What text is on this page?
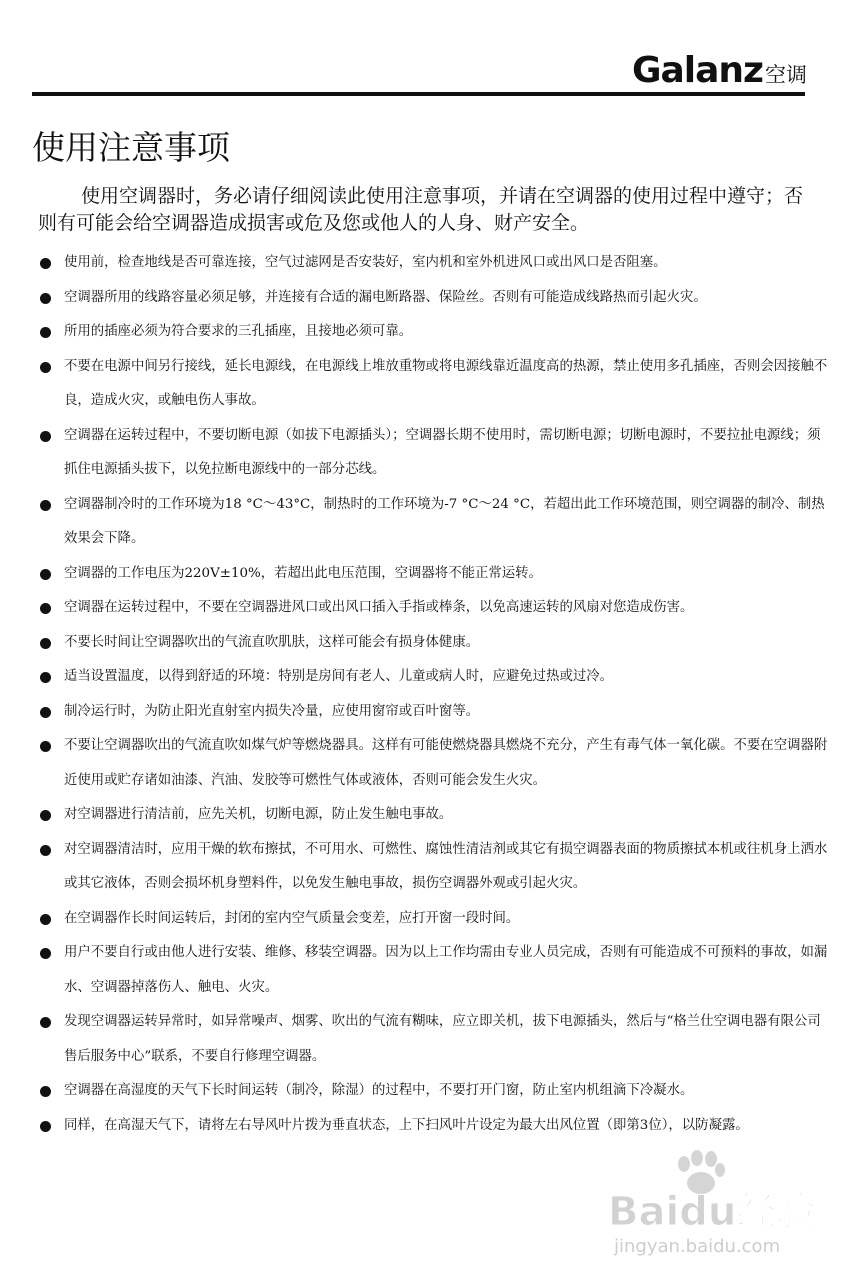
Galanz 空调
使用注意事项

使用空调器时，务必请仔细阅读此使用注意事项，并请在空调器的使用过程中遵守；否则有可能会给空调器造成损害或危及您或他人的人身、财产安全。

使用前，检查地线是否可靠连接，空气过滤网是否安装好，室内机和室外机进风口或出风口是否阻塞。
空调器所用的线路容量必须足够，并连接有合适的漏电断路器、保险丝。否则有可能造成线路热而引起火灾。
所用的插座必须为符合要求的三孔插座，且接地必须可靠。
不要在电源中间另行接线，延长电源线，在电源线上堆放重物或将电源线靠近温度高的热源，禁止使用多孔插座，否则会因接触不良，造成火灾，或触电伤人事故。
空调器在运转过程中，不要切断电源（如拔下电源插头）；空调器长期不使用时，需切断电源；切断电源时，不要拉扯电源线；须抓住电源插头拔下，以免拉断电源线中的一部分芯线。
空调器制冷时的工作环境为18 °C～43°C，制热时的工作环境为-7 °C～24 °C，若超出此工作环境范围，则空调器的制冷、制热效果会下降。
空调器的工作电压为220V±10%，若超出此电压范围，空调器将不能正常运转。
空调器在运转过程中，不要在空调器进风口或出风口插入手指或棒条，以免高速运转的风扇对您造成伤害。
不要长时间让空调器吹出的气流直吹肌肤，这样可能会有损身体健康。
适当设置温度，以得到舒适的环境：特别是房间有老人、儿童或病人时，应避免过热或过冷。
制冷运行时，为防止阳光直射室内损失冷量，应使用窗帘或百叶窗等。
不要让空调器吹出的气流直吹如煤气炉等燃烧器具。这样有可能使燃烧器具燃烧不充分，产生有毒气体一氧化碳。不要在空调器附近使用或贮存诸如油漆、汽油、发胶等可燃性气体或液体，否则可能会发生火灾。
对空调器进行清洁前，应先关机，切断电源，防止发生触电事故。
对空调器清洁时，应用干燥的软布擦拭，不可用水、可燃性、腐蚀性清洁剂或其它有损空调器表面的物质擦拭本机或往机身上洒水或其它液体，否则会损坏机身塑料件，以免发生触电事故，损伤空调器外观或引起火灾。
在空调器作长时间运转后，封闭的室内空气质量会变差，应打开窗一段时间。
用户不要自行或由他人进行安装、维修、移装空调器。因为以上工作均需由专业人员完成，否则有可能造成不可预料的事故，如漏水、空调器掉落伤人、触电、火灾。
发现空调器运转异常时，如异常噪声、烟雾、吹出的气流有糊味，应立即关机，拔下电源插头，然后与“格兰仕空调电器有限公司售后服务中心”联系，不要自行修理空调器。
空调器在高湿度的天气下长时间运转（制冷，除湿）的过程中，不要打开门窗，防止室内机组滴下冷凝水。
同样，在高湿天气下，请将左右导风叶片拨为垂直状态，上下扫风叶片设定为最大出风位置（即第3位），以防凝露。
Baidu经验
jingyan.baidu.com
